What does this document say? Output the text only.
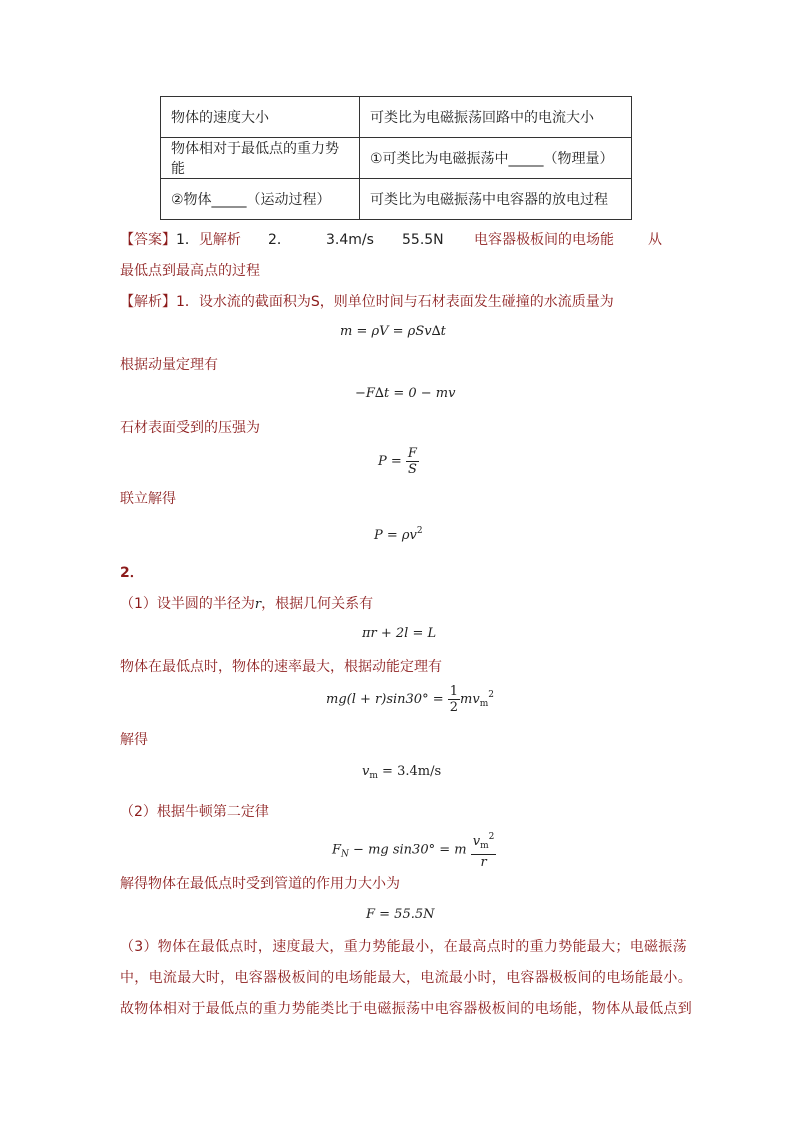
物体的速度大小	可类比为电磁振荡回路中的电流大小
物体相对于最低点的重力势能	①可类比为电磁振荡中_____（物理量）
②物体_____（运动过程）	可类比为电磁振荡中电容器的放电过程
【答案】1．见解析 2．	3.4m/s 55.5N 电容器极板间的电场能 从
最低点到最高点的过程
【解析】1．设水流的截面积为S，则单位时间与石材表面发生碰撞的水流质量为
m = ρV = ρSv∆t
根据动量定理有
−F∆t = 0 − mv
石材表面受到的压强为
$P = \frac{F}{S}$
联立解得
$P = \rho v^2$
2．
（1）设半圆的半径为r，根据几何关系有
πr + 2l = L
物体在最低点时，物体的速率最大，根据动能定理有
$mg(l + r)\sin 30^\circ = \frac{1}{2} mv_m^2$
解得
$v_m = 3.4m/s$
（2）根据牛顿第二定律
$F_N$ − mg sin30° = m $\frac{v_m^2}{r}$
解得物体在最低点时受到管道的作用力大小为
F = 55.5N
（3）物体在最低点时，速度最大，重力势能最小，在最高点时的重力势能最大；电磁振荡
中，电流最大时，电容器极板间的电场能最大，电流最小时，电容器极板间的电场能最小。
故物体相对于最低点的重力势能类比于电磁振荡中电容器极板间的电场能，物体从最低点到
